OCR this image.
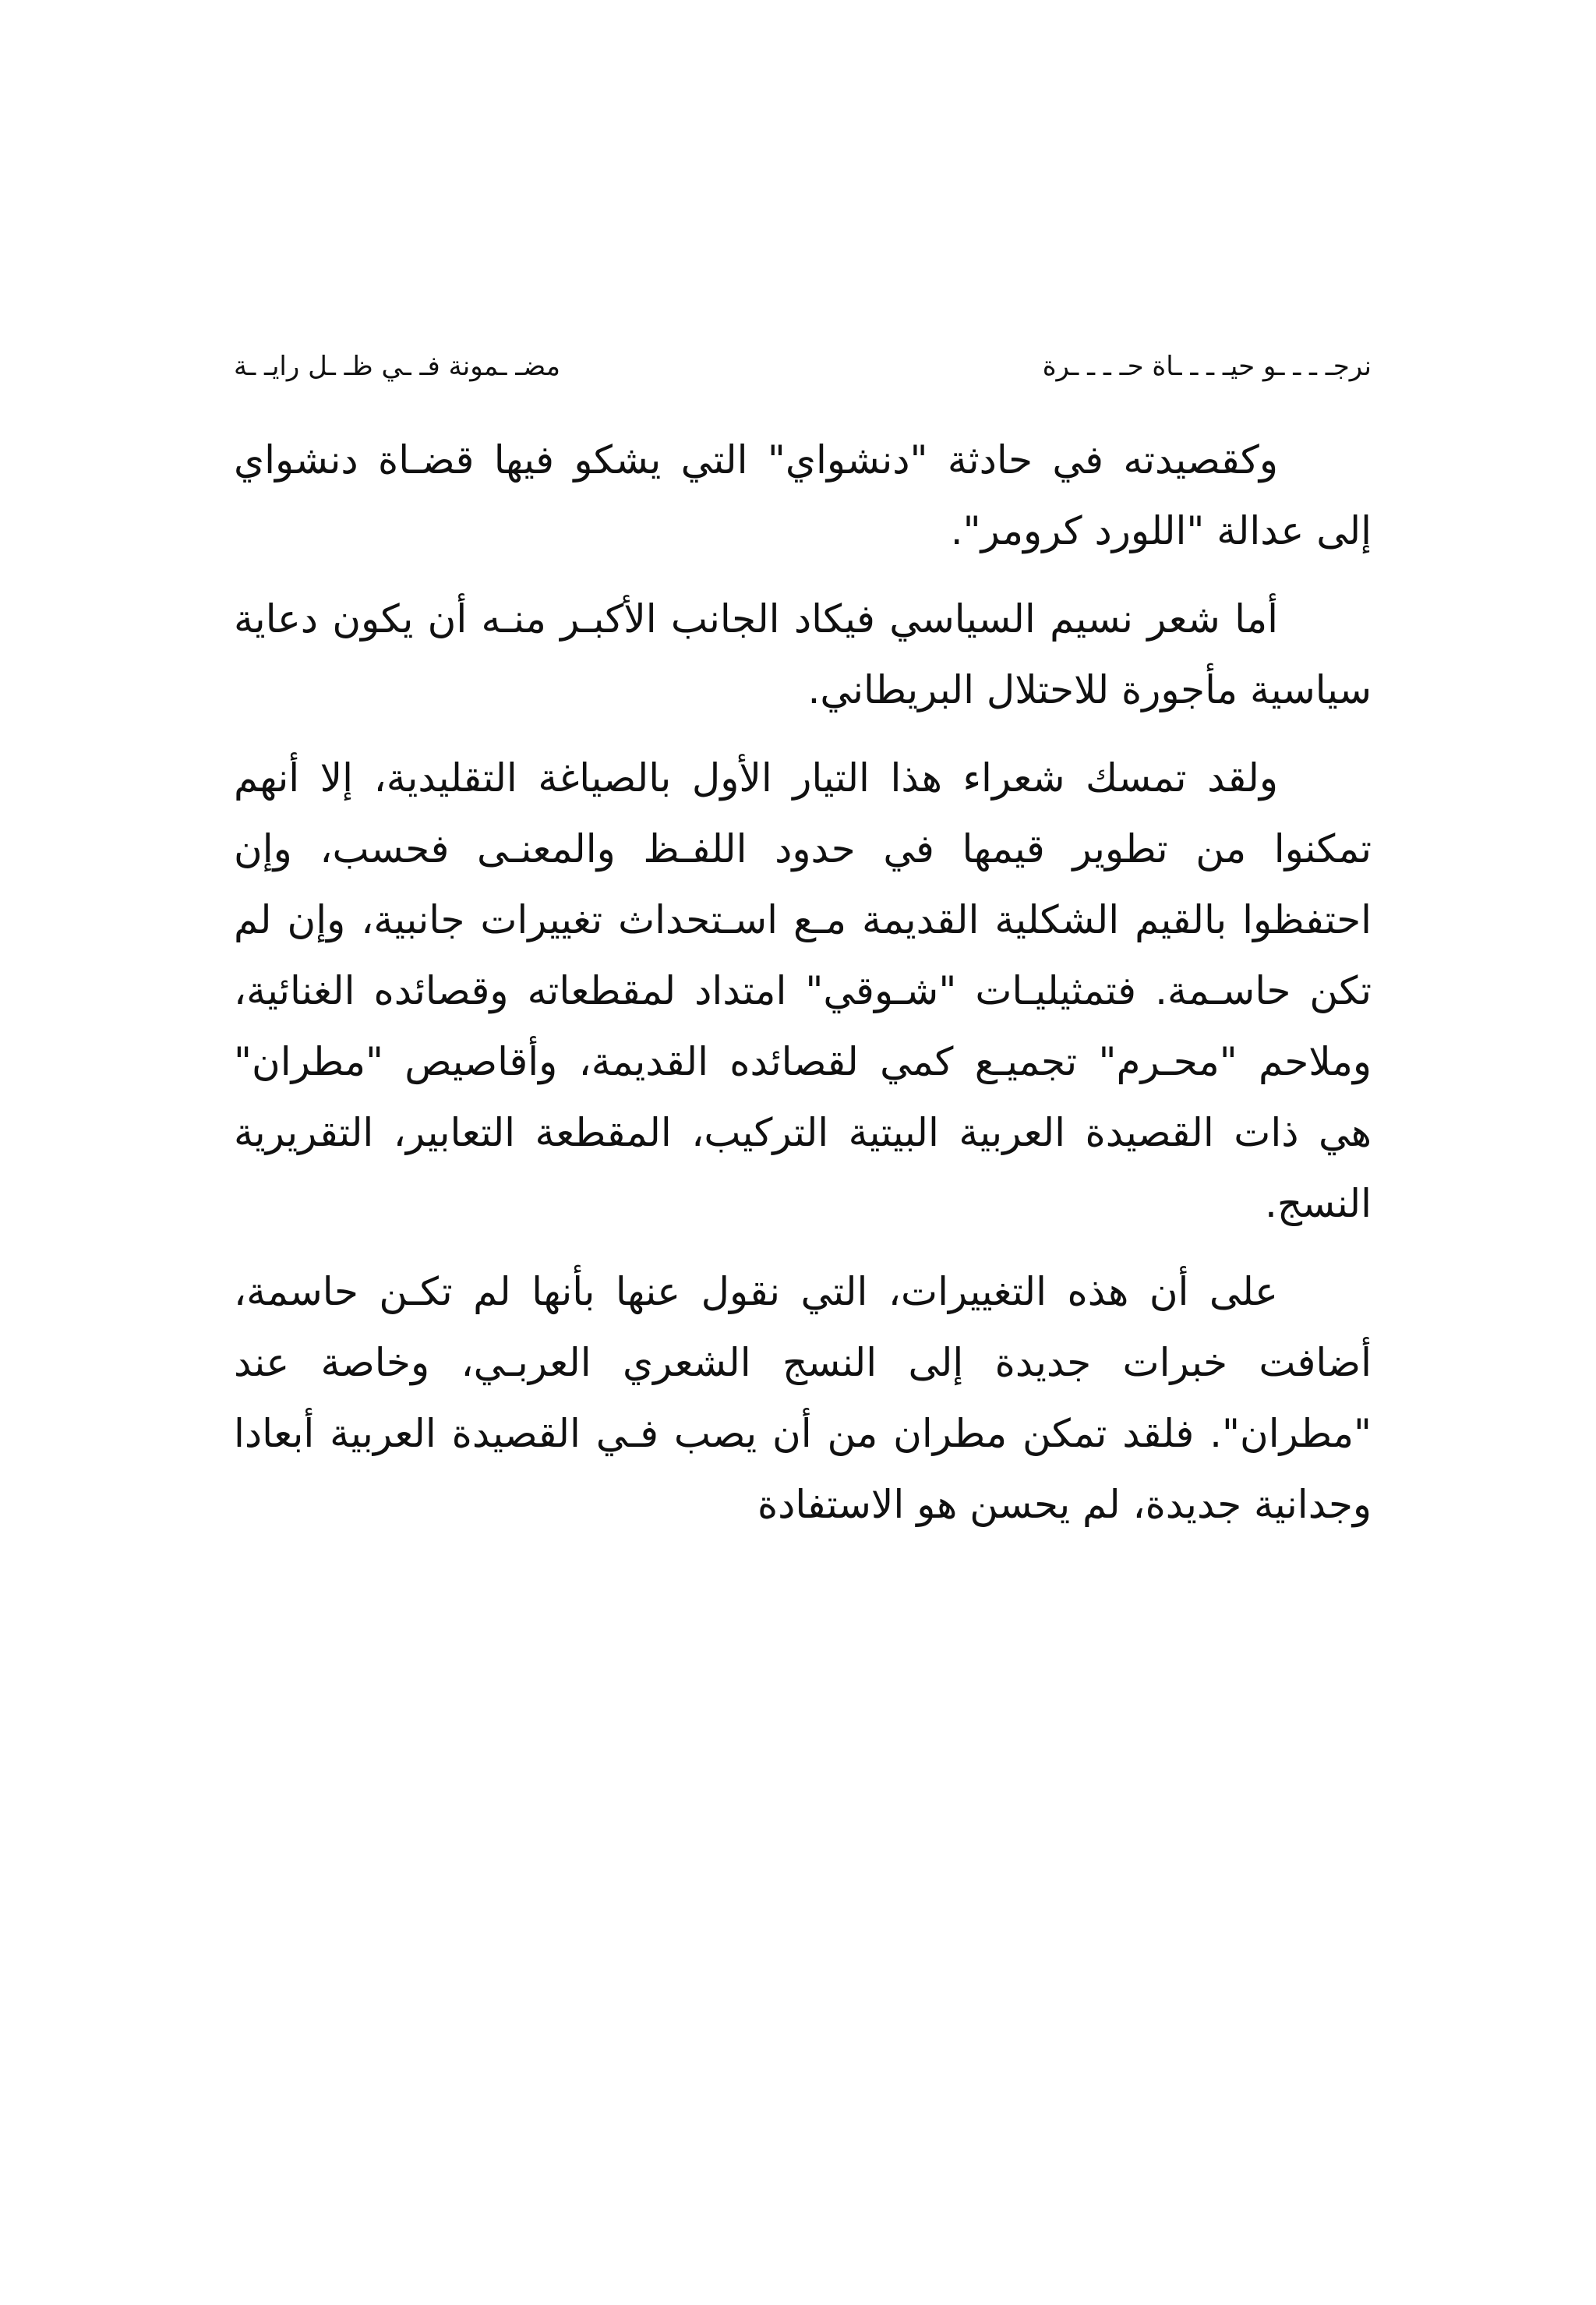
نرجـ ـ ـ ـو حيـ ـ ـ ـاة حـ ـ ـ ـرة
مضـ ـمونة فـ ـي ظـ ـل رايـ ـة

وكقصيدته في حادثة "دنشواي" التي يشكو فيها قضـاة دنشواي إلى عدالة "اللورد كرومر".

أما شعر نسيم السياسي فيكاد الجانب الأكبـر منـه أن يكون دعاية سياسية مأجورة للاحتلال البريطاني.

ولقد تمسك شعراء هذا التيار الأول بالصياغة التقليدية، إلا أنهم تمكنوا من تطوير قيمها في حدود اللفـظ والمعنـى فحسب، وإن احتفظوا بالقيم الشكلية القديمة مـع اسـتحداث تغييرات جانبية، وإن لم تكن حاسـمة. فتمثيليـات "شـوقي" امتداد لمقطعاته وقصائده الغنائية، وملاحم "محـرم" تجميـع كمي لقصائده القديمة، وأقاصيص "مطران" هي ذات القصيدة العربية البيتية التركيب، المقطعة التعابير، التقريرية النسج.

على أن هذه التغييرات، التي نقول عنها بأنها لم تكـن حاسمة، أضافت خبرات جديدة إلى النسج الشعري العربـي، وخاصة عند "مطران". فلقد تمكن مطران من أن يصب فـي القصيدة العربية أبعادا وجدانية جديدة، لم يحسن هو الاستفادة
